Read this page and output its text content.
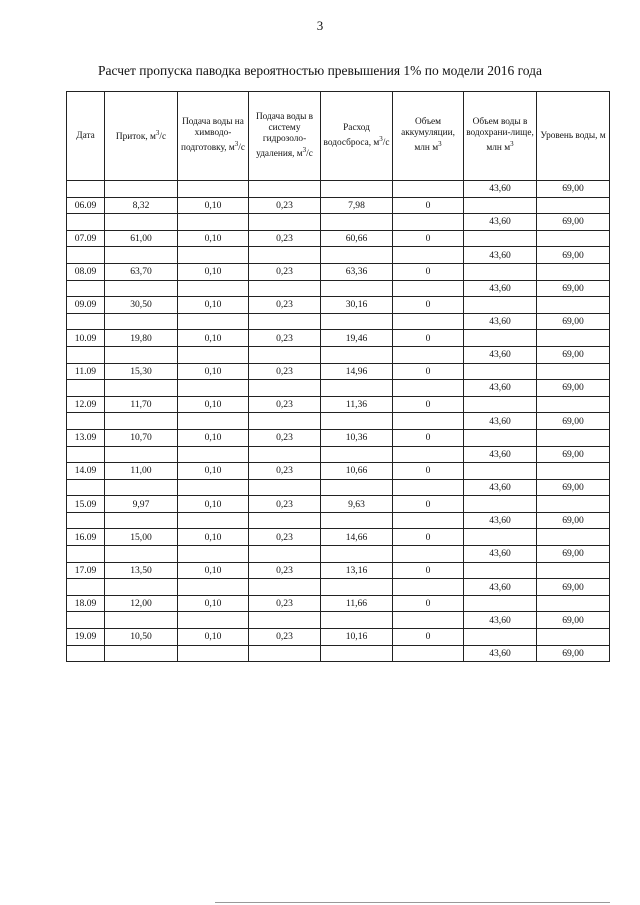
3
Расчет пропуска паводка вероятностью превышения 1% по модели 2016 года
Дата	Приток, $м^3/с$	Подача воды на химводо-подготовку, $м^3/с$	Подача воды в систему гидрозоло-удаления, $м^3/с$	Расход водосброса, $м^3/с$	Объем аккумуляции, млн $м^3$	Объем воды в водохрани-лище, млн $м^3$	Уровень воды, м
						43,60	69,00
06.09	8,32	0,10	0,23	7,98	0		
						43,60	69,00
07.09	61,00	0,10	0,23	60,66	0		
						43,60	69,00
08.09	63,70	0,10	0,23	63,36	0		
						43,60	69,00
09.09	30,50	0,10	0,23	30,16	0		
						43,60	69,00
10.09	19,80	0,10	0,23	19,46	0		
						43,60	69,00
11.09	15,30	0,10	0,23	14,96	0		
						43,60	69,00
12.09	11,70	0,10	0,23	11,36	0		
						43,60	69,00
13.09	10,70	0,10	0,23	10,36	0		
						43,60	69,00
14.09	11,00	0,10	0,23	10,66	0		
						43,60	69,00
15.09	9,97	0,10	0,23	9,63	0		
						43,60	69,00
16.09	15,00	0,10	0,23	14,66	0		
						43,60	69,00
17.09	13,50	0,10	0,23	13,16	0		
						43,60	69,00
18.09	12,00	0,10	0,23	11,66	0		
						43,60	69,00
19.09	10,50	0,10	0,23	10,16	0		
						43,60	69,00
